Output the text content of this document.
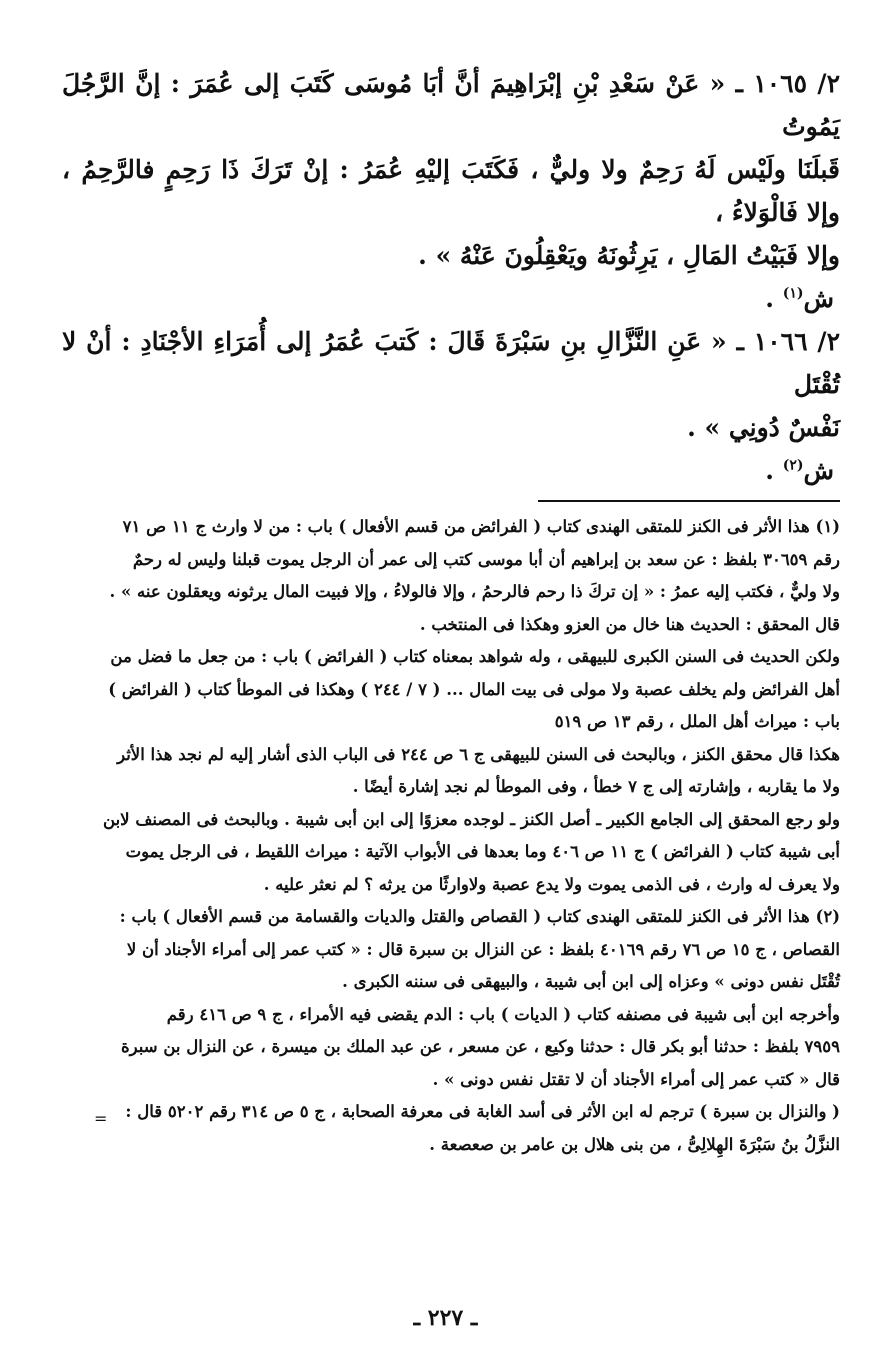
٢/ ١٠٦٥ ـ « عَنْ سَعْدِ بْنِ إبْرَاهِيمَ أنَّ أبَا مُوسَى كَتَبَ إلى عُمَرَ : إنَّ الرَّجُلَ يَمُوتُ

قَبلَنَا ولَيْس لَهُ رَحِمٌ ولا وليٌّ ، فَكَتَبَ إليْهِ عُمَرُ : إنْ تَرَكَ ذَا رَحِمٍ فالرَّحِمُ ، وإلا فَالْوَلاءُ ،

وإلا فَبَيْتُ المَالِ ، يَرِثُونَهُ ويَعْقِلُونَ عَنْهُ » .

ش$^{(١)}$ .

٢/ ١٠٦٦ ـ « عَنِ النَّزَّالِ بنِ سَبْرَةَ قَالَ : كَتبَ عُمَرُ إلى أُمَرَاءِ الأجْنَادِ : أنْ لا تُقْتَل

نَفْسٌ دُونِي » .

ش$^{(٢)}$ .

(١) هذا الأثر فى الكنز للمتقى الهندى كتاب ( الفرائض من قسم الأفعال ) باب : من لا وارث ج ١١ ص ٧١

رقم ٣٠٦٥٩ بلفظ : عن سعد بن إبراهيم أن أبا موسى كتب إلى عمر أن الرجل يموت قبلنا وليس له رحمٌ

ولا وليٌّ ، فكتب إليه عمرُ : « إن تركَ ذا رحم فالرحمُ ، وإلا فالولاءُ ، وإلا فبيت المال يرثونه ويعقلون عنه » .

قال المحقق : الحديث هنا خال من العزو وهكذا فى المنتخب .

ولكن الحديث فى السنن الكبرى للبيهقى ، وله شواهد بمعناه كتاب ( الفرائض ) باب : من جعل ما فضل من

أهل الفرائض ولم يخلف عصبة ولا مولى فى بيت المال ... ( ٧ / ٢٤٤ ) وهكذا فى الموطأ كتاب ( الفرائض )

باب : ميراث أهل الملل ، رقم ١٣ ص ٥١٩

هكذا قال محقق الكنز ، وبالبحث فى السنن للبيهقى ج ٦ ص ٢٤٤ فى الباب الذى أشار إليه لم نجد هذا الأثر

ولا ما يقاربه ، وإشارته إلى ج ٧ خطأ ، وفى الموطأ لم نجد إشارة أيضًا .

ولو رجع المحقق إلى الجامع الكبير ـ أصل الكنز ـ لوجده معزوًا إلى ابن أبى شيبة . وبالبحث فى المصنف لابن

أبى شيبة كتاب ( الفرائض ) ج ١١ ص ٤٠٦ وما بعدها فى الأبواب الآتية : ميراث اللقيط ، فى الرجل يموت

ولا يعرف له وارث ، فى الذمى يموت ولا يدع عصبة ولاوارثًا من يرثه ؟ لم نعثر عليه .

(٢) هذا الأثر فى الكنز للمتقى الهندى كتاب ( القصاص والقتل والديات والقسامة من قسم الأفعال ) باب :

القصاص ، ج ١٥ ص ٧٦ رقم ٤٠١٦٩ بلفظ : عن النزال بن سبرة قال : « كتب عمر إلى أمراء الأجناد أن لا

تُقْتَل نفس دونى » وعزاه إلى ابن أبى شيبة ، والبيهقى فى سننه الكبرى .

وأخرجه ابن أبى شيبة فى مصنفه كتاب ( الديات ) باب : الدم يقضى فيه الأمراء ، ج ٩ ص ٤١٦ رقم

٧٩٥٩ بلفظ : حدثنا أبو بكر قال : حدثنا وكيع ، عن مسعر ، عن عبد الملك بن ميسرة ، عن النزال بن سبرة

قال « كتب عمر إلى أمراء الأجناد أن لا تقتل نفس دونى » .

( والنزال بن سبرة ) ترجم له ابن الأثر فى أسد الغابة فى معرفة الصحابة ، ج ٥ ص ٣١٤ رقم ٥٢٠٢ قال :

النزَّلُ بنُ سَبْرَةَ الهِلالِىُّ ، من بنى هلال بن عامر بن صعصعة .

=
ـ ٢٢٧ ـ
